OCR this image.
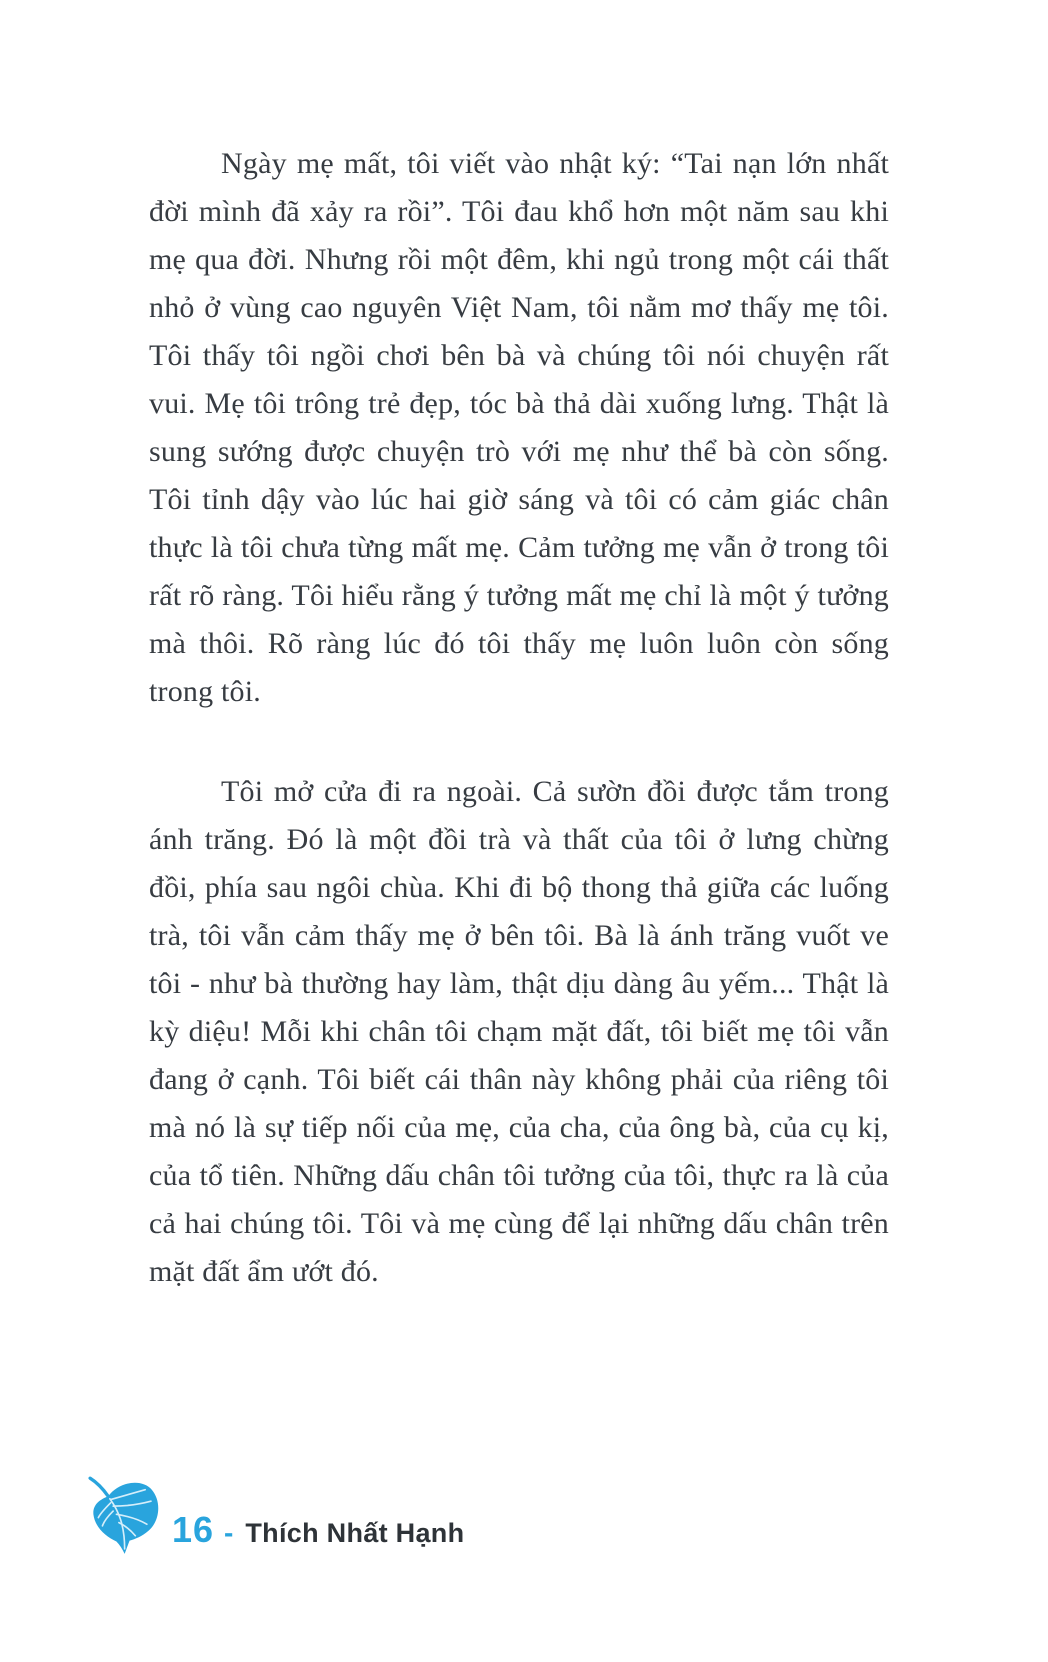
Ngày mẹ mất, tôi viết vào nhật ký: “Tai nạn lớn nhất đời mình đã xảy ra rồi”. Tôi đau khổ hơn một năm sau khi mẹ qua đời. Nhưng rồi một đêm, khi ngủ trong một cái thất nhỏ ở vùng cao nguyên Việt Nam, tôi nằm mơ thấy mẹ tôi. Tôi thấy tôi ngồi chơi bên bà và chúng tôi nói chuyện rất vui. Mẹ tôi trông trẻ đẹp, tóc bà thả dài xuống lưng. Thật là sung sướng được chuyện trò với mẹ như thể bà còn sống. Tôi tỉnh dậy vào lúc hai giờ sáng và tôi có cảm giác chân thực là tôi chưa từng mất mẹ. Cảm tưởng mẹ vẫn ở trong tôi rất rõ ràng. Tôi hiểu rằng ý tưởng mất mẹ chỉ là một ý tưởng mà thôi. Rõ ràng lúc đó tôi thấy mẹ luôn luôn còn sống trong tôi.

Tôi mở cửa đi ra ngoài. Cả sườn đồi được tắm trong ánh trăng. Đó là một đồi trà và thất của tôi ở lưng chừng đồi, phía sau ngôi chùa. Khi đi bộ thong thả giữa các luống trà, tôi vẫn cảm thấy mẹ ở bên tôi. Bà là ánh trăng vuốt ve tôi - như bà thường hay làm, thật dịu dàng âu yếm... Thật là kỳ diệu! Mỗi khi chân tôi chạm mặt đất, tôi biết mẹ tôi vẫn đang ở cạnh. Tôi biết cái thân này không phải của riêng tôi mà nó là sự tiếp nối của mẹ, của cha, của ông bà, của cụ kị, của tổ tiên. Những dấu chân tôi tưởng của tôi, thực ra là của cả hai chúng tôi. Tôi và mẹ cùng để lại những dấu chân trên mặt đất ẩm ướt đó.

16 - Thích Nhất Hạnh
